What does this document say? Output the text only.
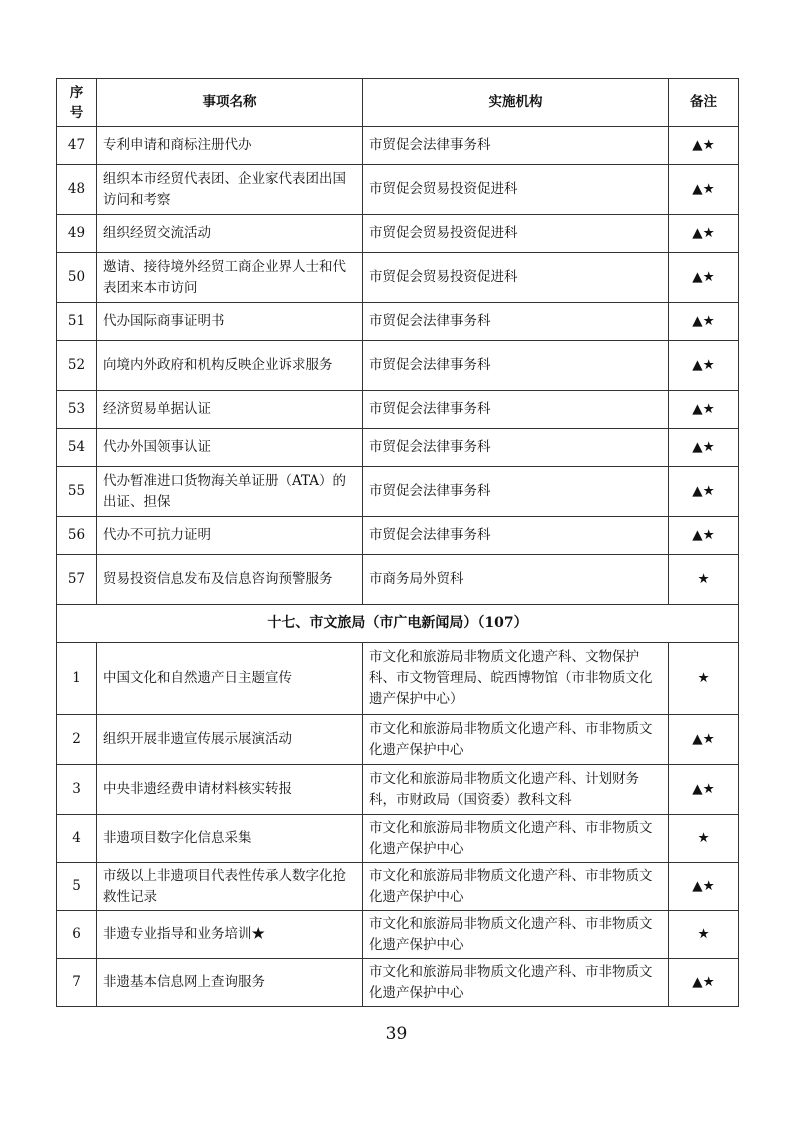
序
号	事项名称	实施机构	备注
47	专利申请和商标注册代办	市贸促会法律事务科	▲★
48	组织本市经贸代表团、企业家代表团出国访问和考察	市贸促会贸易投资促进科	▲★
49	组织经贸交流活动	市贸促会贸易投资促进科	▲★
50	邀请、接待境外经贸工商企业界人士和代表团来本市访问	市贸促会贸易投资促进科	▲★
51	代办国际商事证明书	市贸促会法律事务科	▲★
52	向境内外政府和机构反映企业诉求服务	市贸促会法律事务科	▲★
53	经济贸易单据认证	市贸促会法律事务科	▲★
54	代办外国领事认证	市贸促会法律事务科	▲★
55	代办暂准进口货物海关单证册（ATA）的出证、担保	市贸促会法律事务科	▲★
56	代办不可抗力证明	市贸促会法律事务科	▲★
57	贸易投资信息发布及信息咨询预警服务	市商务局外贸科	★
十七、市文旅局（市广电新闻局）（107）			
1	中国文化和自然遗产日主题宣传	市文化和旅游局非物质文化遗产科、文物保护科、市文物管理局、皖西博物馆（市非物质文化遗产保护中心）	★
2	组织开展非遗宣传展示展演活动	市文化和旅游局非物质文化遗产科、市非物质文化遗产保护中心	▲★
3	中央非遗经费申请材料核实转报	市文化和旅游局非物质文化遗产科、计划财务科，市财政局（国资委）教科文科	▲★
4	非遗项目数字化信息采集	市文化和旅游局非物质文化遗产科、市非物质文化遗产保护中心	★
5	市级以上非遗项目代表性传承人数字化抢救性记录	市文化和旅游局非物质文化遗产科、市非物质文化遗产保护中心	▲★
6	非遗专业指导和业务培训★	市文化和旅游局非物质文化遗产科、市非物质文化遗产保护中心	★
7	非遗基本信息网上查询服务	市文化和旅游局非物质文化遗产科、市非物质文化遗产保护中心	▲★
39
